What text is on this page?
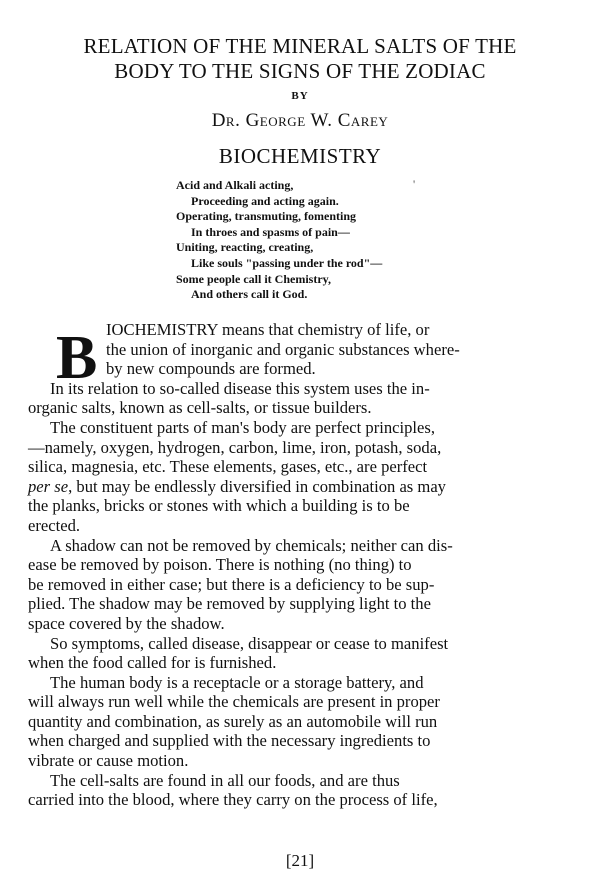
RELATION OF THE MINERAL SALTS OF THE
BODY TO THE SIGNS OF THE ZODIAC
BY
Dr. George W. Carey
BIOCHEMISTRY
Acid and Alkali acting,
Proceeding and acting again.
Operating, transmuting, fomenting
In throes and spasms of pain—
Uniting, reacting, creating,
Like souls "passing under the rod"—
Some people call it Chemistry,
And others call it God.
'
B IOCHEMISTRY means that chemistry of life, or
the union of inorganic and organic substances where-
by new compounds are formed.
In its relation to so-called disease this system uses the in-
organic salts, known as cell-salts, or tissue builders.
The constituent parts of man's body are perfect principles,
—namely, oxygen, hydrogen, carbon, lime, iron, potash, soda,
silica, magnesia, etc. These elements, gases, etc., are perfect
per se, but may be endlessly diversified in combination as may
the planks, bricks or stones with which a building is to be
erected.
A shadow can not be removed by chemicals; neither can dis-
ease be removed by poison. There is nothing (no thing) to
be removed in either case; but there is a deficiency to be sup-
plied. The shadow may be removed by supplying light to the
space covered by the shadow.
So symptoms, called disease, disappear or cease to manifest
when the food called for is furnished.
The human body is a receptacle or a storage battery, and
will always run well while the chemicals are present in proper
quantity and combination, as surely as an automobile will run
when charged and supplied with the necessary ingredients to
vibrate or cause motion.
The cell-salts are found in all our foods, and are thus
carried into the blood, where they carry on the process of life,
[21]
